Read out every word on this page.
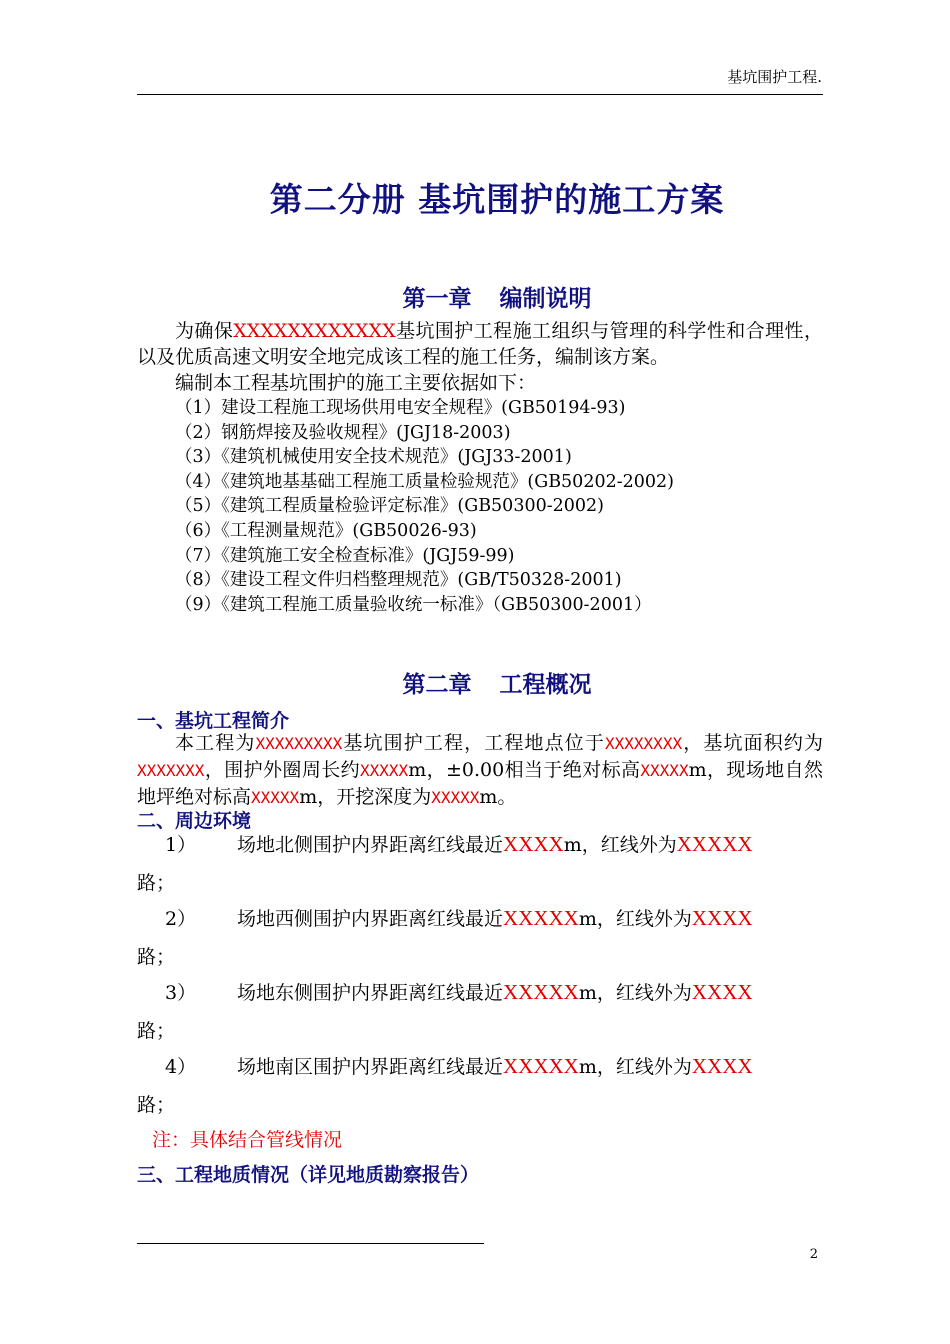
基坑围护工程.
第二分册 基坑围护的施工方案
第一章 编制说明

为确保XXXXXXXXXXXX基坑围护工程施工组织与管理的科学性和合理性，以及优质高速文明安全地完成该工程的施工任务，编制该方案。

编制本工程基坑围护的施工主要依据如下：

（1）建设工程施工现场供用电安全规程》(GB50194-93)

（2）钢筋焊接及验收规程》(JGJ18-2003)

（3）《建筑机械使用安全技术规范》(JGJ33-2001)

（4）《建筑地基基础工程施工质量检验规范》(GB50202-2002)

（5）《建筑工程质量检验评定标准》(GB50300-2002)

（6）《工程测量规范》(GB50026-93)

（7）《建筑施工安全检查标准》(JGJ59-99)

（8）《建设工程文件归档整理规范》(GB/T50328-2001)

（9）《建筑工程施工质量验收统一标准》（GB50300-2001）

第二章 工程概况
一、基坑工程简介

本工程为XXXXXXXXX基坑围护工程，工程地点位于XXXXXXXX，基坑面积约为XXXXXXX，围护外圈周长约XXXXXm，±0.00相当于绝对标高XXXXXm，现场地自然地坪绝对标高XXXXXm，开挖深度为XXXXXm。

二、周边环境
1） 场地北侧围护内界距离红线最近XXXXm，红线外为XXXXX
路；
2） 场地西侧围护内界距离红线最近XXXXXm，红线外为XXXX
路；
3） 场地东侧围护内界距离红线最近XXXXXm，红线外为XXXX
路；
4） 场地南区围护内界距离红线最近XXXXXm，红线外为XXXX
路；
注：具体结合管线情况
三、工程地质情况（详见地质勘察报告）
2
